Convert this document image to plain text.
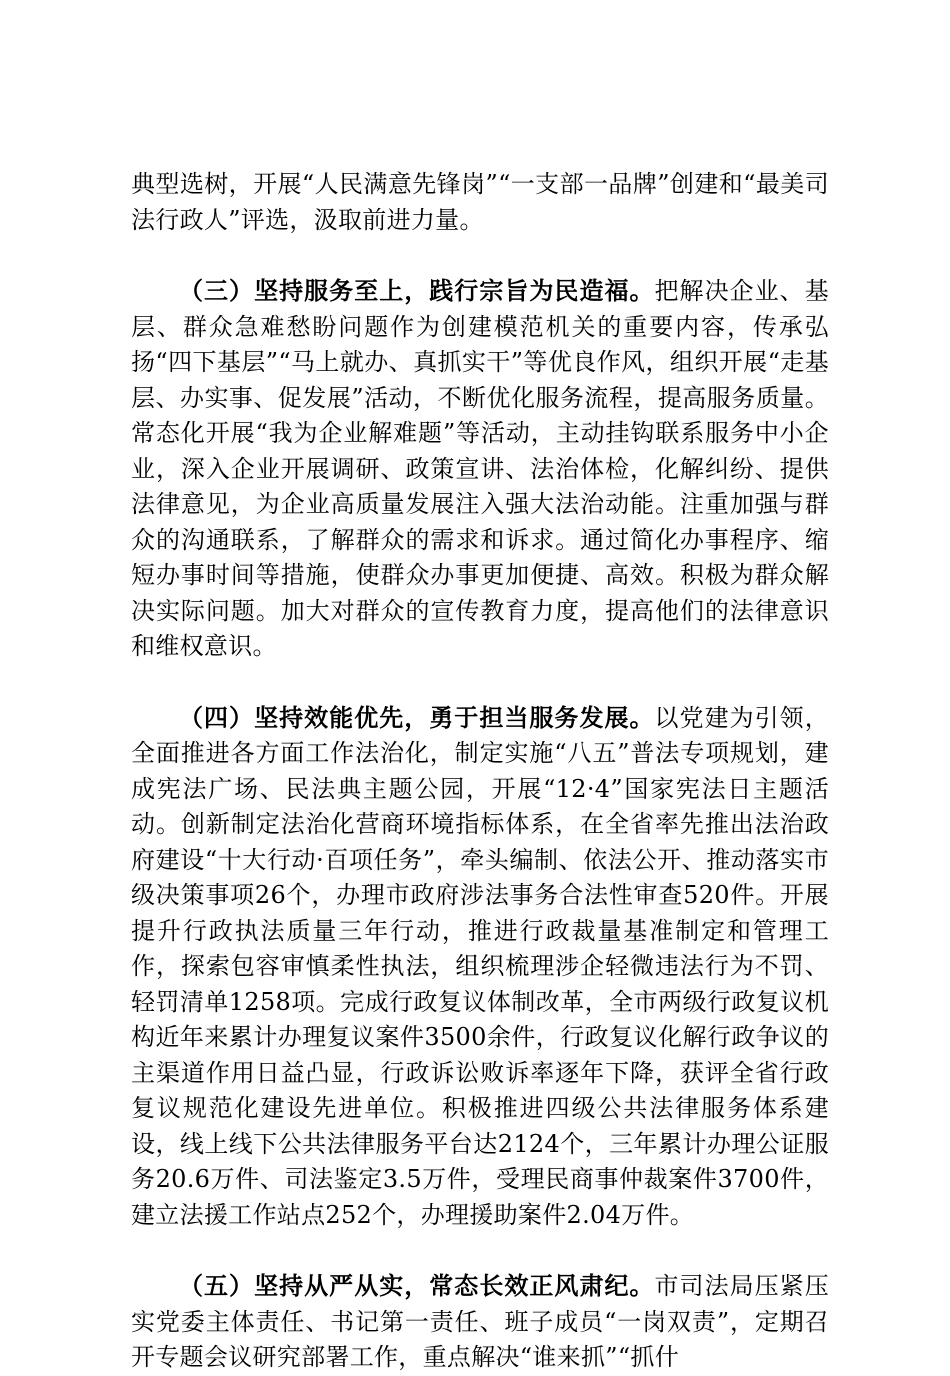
典型选树，开展“人民满意先锋岗”“一支部一品牌”创建和“最美司法行政人”评选，汲取前进力量。

（三）坚持服务至上，践行宗旨为民造福。把解决企业、基层、群众急难愁盼问题作为创建模范机关的重要内容，传承弘扬“四下基层”“马上就办、真抓实干”等优良作风，组织开展“走基层、办实事、促发展”活动，不断优化服务流程，提高服务质量。常态化开展“我为企业解难题”等活动，主动挂钩联系服务中小企业，深入企业开展调研、政策宣讲、法治体检，化解纠纷、提供法律意见，为企业高质量发展注入强大法治动能。注重加强与群众的沟通联系，了解群众的需求和诉求。通过简化办事程序、缩短办事时间等措施，使群众办事更加便捷、高效。积极为群众解决实际问题。加大对群众的宣传教育力度，提高他们的法律意识和维权意识。

（四）坚持效能优先，勇于担当服务发展。以党建为引领，全面推进各方面工作法治化，制定实施“八五”普法专项规划，建成宪法广场、民法典主题公园，开展“12·4”国家宪法日主题活动。创新制定法治化营商环境指标体系，在全省率先推出法治政府建设“十大行动·百项任务”，牵头编制、依法公开、推动落实市级决策事项26个，办理市政府涉法事务合法性审查520件。开展提升行政执法质量三年行动，推进行政裁量基准制定和管理工作，探索包容审慎柔性执法，组织梳理涉企轻微违法行为不罚、轻罚清单1258项。完成行政复议体制改革，全市两级行政复议机构近年来累计办理复议案件3500余件，行政复议化解行政争议的主渠道作用日益凸显，行政诉讼败诉率逐年下降，获评全省行政复议规范化建设先进单位。积极推进四级公共法律服务体系建设，线上线下公共法律服务平台达2124个，三年累计办理公证服务20.6万件、司法鉴定3.5万件，受理民商事仲裁案件3700件，建立法援工作站点252个，办理援助案件2.04万件。

（五）坚持从严从实，常态长效正风肃纪。市司法局压紧压实党委主体责任、书记第一责任、班子成员“一岗双责”，定期召开专题会议研究部署工作，重点解决“谁来抓”“抓什
